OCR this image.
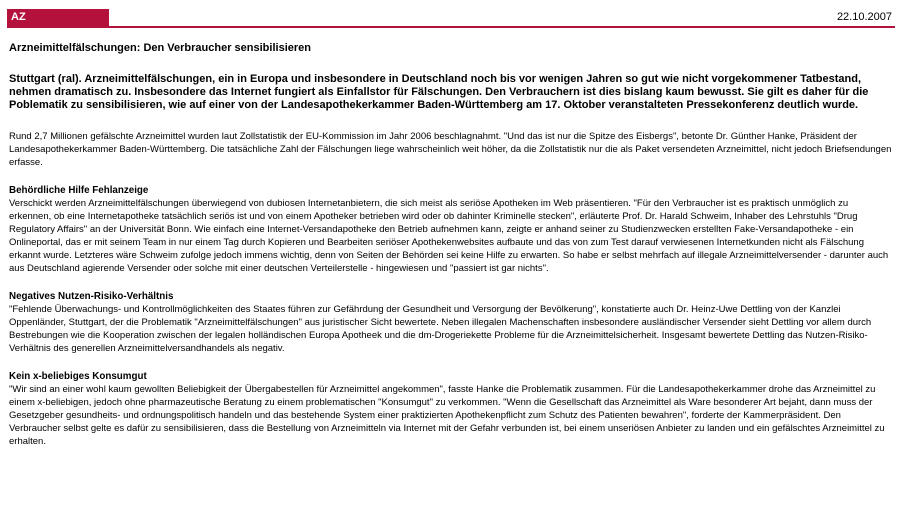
AZ	22.10.2007

Arzneimittelfälschungen: Den Verbraucher sensibilisieren

Stuttgart (ral). Arzneimittelfälschungen, ein in Europa und insbesondere in Deutschland noch bis vor wenigen Jahren so gut wie nicht vorgekommener Tatbestand, nehmen dramatisch zu. Insbesondere das Internet fungiert als Einfallstor für Fälschungen. Den Verbrauchern ist dies bislang kaum bewusst. Sie gilt es daher für die Poblematik zu sensibilisieren, wie auf einer von der Landesapothekerkammer Baden-Württemberg am 17. Oktober veranstalteten Pressekonferenz deutlich wurde.

Rund 2,7 Millionen gefälschte Arzneimittel wurden laut Zollstatistik der EU-Kommission im Jahr 2006 beschlagnahmt. "Und das ist nur die Spitze des Eisbergs", betonte Dr. Günther Hanke, Präsident der Landesapothekerkammer Baden-Württemberg. Die tatsächliche Zahl der Fälschungen liege wahrscheinlich weit höher, da die Zollstatistik nur die als Paket versendeten Arzneimittel, nicht jedoch Briefsendungen erfasse.

Behördliche Hilfe Fehlanzeige

Verschickt werden Arzneimittelfälschungen überwiegend von dubiosen Internetanbietern, die sich meist als seriöse Apotheken im Web präsentieren. "Für den Verbraucher ist es praktisch unmöglich zu erkennen, ob eine Internetapotheke tatsächlich seriös ist und von einem Apotheker betrieben wird oder ob dahinter Kriminelle stecken", erläuterte Prof. Dr. Harald Schweim, Inhaber des Lehrstuhls "Drug Regulatory Affairs" an der Universität Bonn. Wie einfach eine Internet-Versandapotheke den Betrieb aufnehmen kann, zeigte er anhand seiner zu Studienzwecken erstellten Fake-Versandapotheke - ein Onlineportal, das er mit seinem Team in nur einem Tag durch Kopieren und Bearbeiten seriöser Apothekenwebsites aufbaute und das von zum Test darauf verwiesenen Internetkunden nicht als Fälschung erkannt wurde. Letzteres wäre Schweim zufolge jedoch immens wichtig, denn von Seiten der Behörden sei keine Hilfe zu erwarten. So habe er selbst mehrfach auf illegale Arzneimittelversender - darunter auch aus Deutschland agierende Versender oder solche mit einer deutschen Verteilerstelle - hingewiesen und "passiert ist gar nichts".

Negatives Nutzen-Risiko-Verhältnis

"Fehlende Überwachungs- und Kontrollmöglichkeiten des Staates führen zur Gefährdung der Gesundheit und Versorgung der Bevölkerung", konstatierte auch Dr. Heinz-Uwe Dettling von der Kanzlei Oppenländer, Stuttgart, der die Problematik "Arzneimittelfälschungen" aus juristischer Sicht bewertete. Neben illegalen Machenschaften insbesondere ausländischer Versender sieht Dettling vor allem durch Bestrebungen wie die Kooperation zwischen der legalen holländischen Europa Apotheek und die dm-Drogeriekette Probleme für die Arzneimittelsicherheit. Insgesamt bewertete Dettling das Nutzen-Risiko-Verhältnis des generellen Arzneimittelversandhandels als negativ.

Kein x-beliebiges Konsumgut

"Wir sind an einer wohl kaum gewollten Beliebigkeit der Übergabestellen für Arzneimittel angekommen", fasste Hanke die Problematik zusammen. Für die Landesapothekerkammer drohe das Arzneimittel zu einem x-beliebigen, jedoch ohne pharmazeutische Beratung zu einem problematischen "Konsumgut" zu verkommen. "Wenn die Gesellschaft das Arzneimittel als Ware besonderer Art bejaht, dann muss der Gesetzgeber gesundheits- und ordnungspolitisch handeln und das bestehende System einer praktizierten Apothekenpflicht zum Schutz des Patienten bewahren", forderte der Kammerpräsident. Den Verbraucher selbst gelte es dafür zu sensibilisieren, dass die Bestellung von Arzneimitteln via Internet mit der Gefahr verbunden ist, bei einem unseriösen Anbieter zu landen und ein gefälschtes Arzneimittel zu erhalten.
